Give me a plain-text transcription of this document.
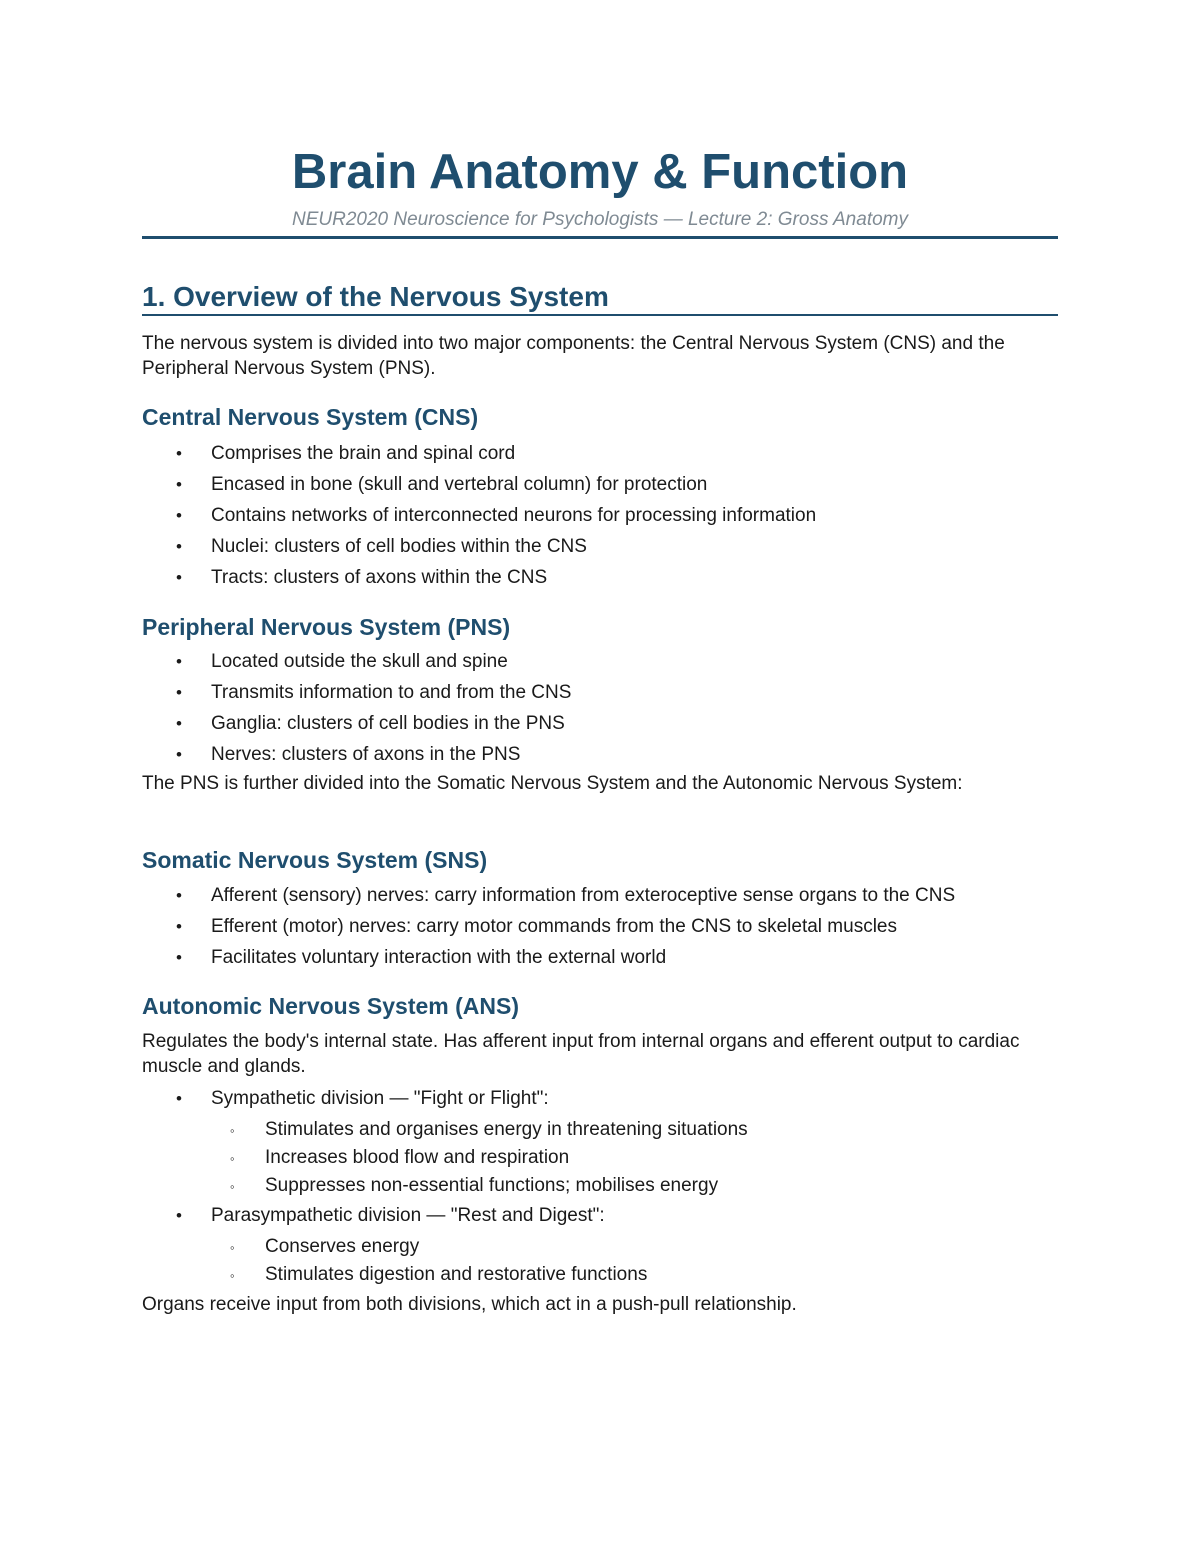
Brain Anatomy & Function

NEUR2020 Neuroscience for Psychologists — Lecture 2: Gross Anatomy

1. Overview of the Nervous System

The nervous system is divided into two major components: the Central Nervous System (CNS) and the Peripheral Nervous System (PNS).

Central Nervous System (CNS)
• Comprises the brain and spinal cord
• Encased in bone (skull and vertebral column) for protection
• Contains networks of interconnected neurons for processing information
• Nuclei: clusters of cell bodies within the CNS
• Tracts: clusters of axons within the CNS
Peripheral Nervous System (PNS)
• Located outside the skull and spine
• Transmits information to and from the CNS
• Ganglia: clusters of cell bodies in the PNS
• Nerves: clusters of axons in the PNS

The PNS is further divided into the Somatic Nervous System and the Autonomic Nervous System:

Somatic Nervous System (SNS)
• Afferent (sensory) nerves: carry information from exteroceptive sense organs to the CNS
• Efferent (motor) nerves: carry motor commands from the CNS to skeletal muscles
• Facilitates voluntary interaction with the external world
Autonomic Nervous System (ANS)

Regulates the body's internal state. Has afferent input from internal organs and efferent output to cardiac muscle and glands.

• Sympathetic division — "Fight or Flight":
◦ Stimulates and organises energy in threatening situations
◦ Increases blood flow and respiration
◦ Suppresses non-essential functions; mobilises energy
• Parasympathetic division — "Rest and Digest":
◦ Conserves energy
◦ Stimulates digestion and restorative functions

Organs receive input from both divisions, which act in a push-pull relationship.
